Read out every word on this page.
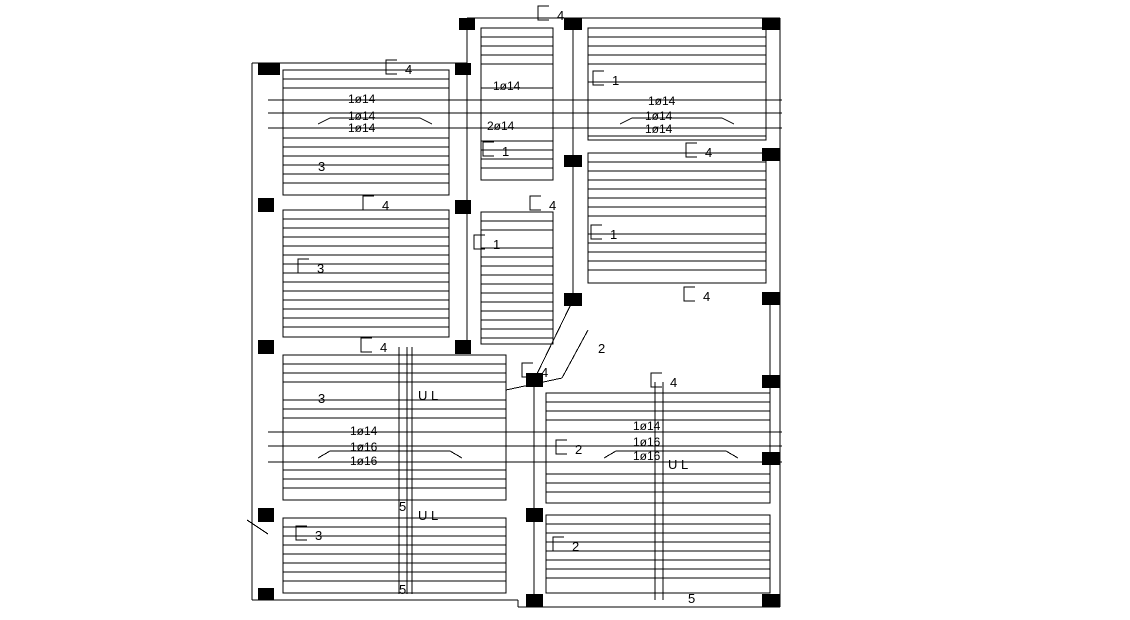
1ø14
1ø14
1ø14
1ø14
2ø14
1ø14
1ø14
1ø14
1ø14
1ø16
1ø16
1ø14
1ø16
1ø16
4
4
1
1	4
3
4	4
1
1
3
4
2
4
4
4
3
2
5
3
2
5
5
U L
U L
U L
